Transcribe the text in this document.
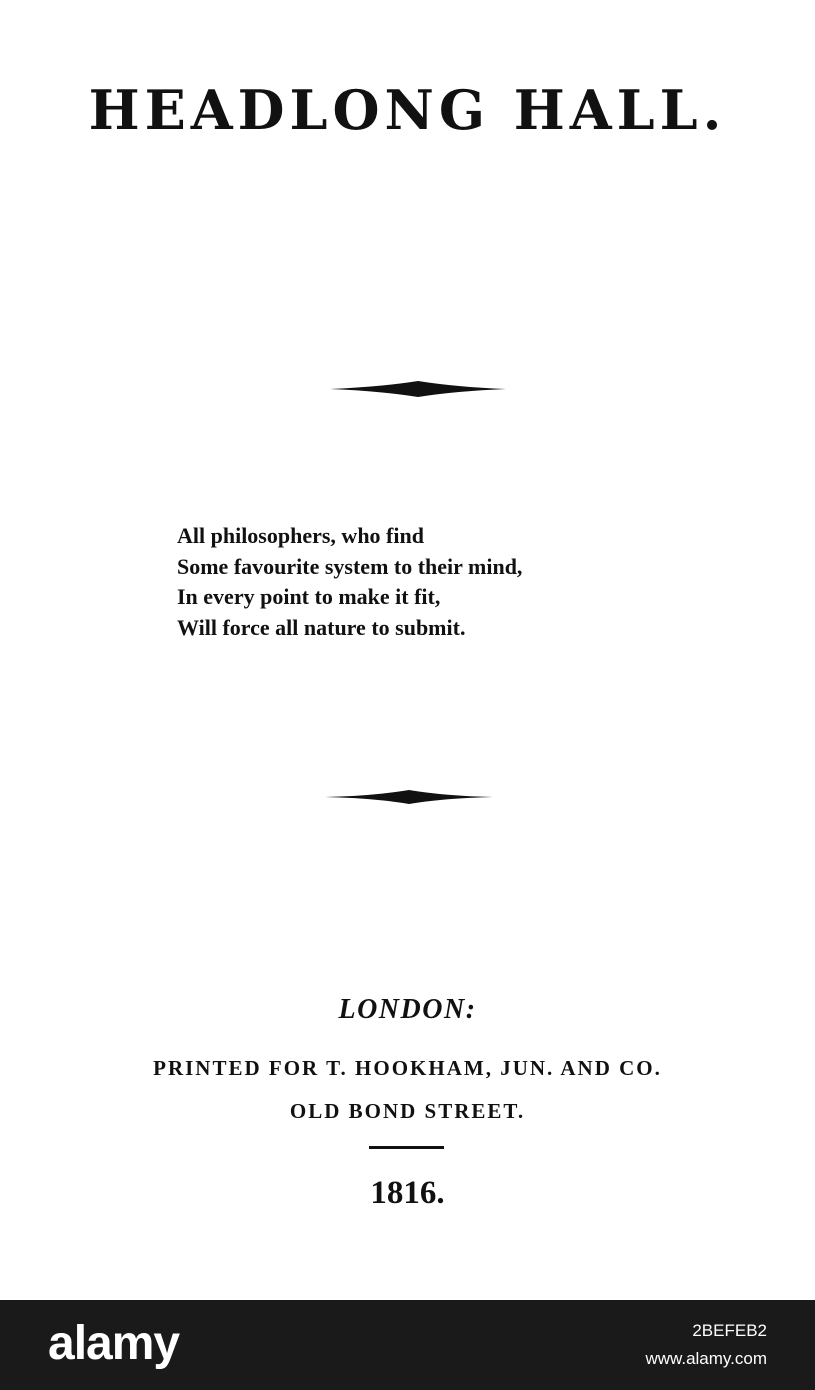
HEADLONG HALL.
All philosophers, who find
Some favourite system to their mind,
In every point to make it fit,
Will force all nature to submit.
LONDON:
PRINTED FOR T. HOOKHAM, JUN. AND CO.
OLD BOND STREET.
1816.
alamy	2BEFEB2
www.alamy.com
